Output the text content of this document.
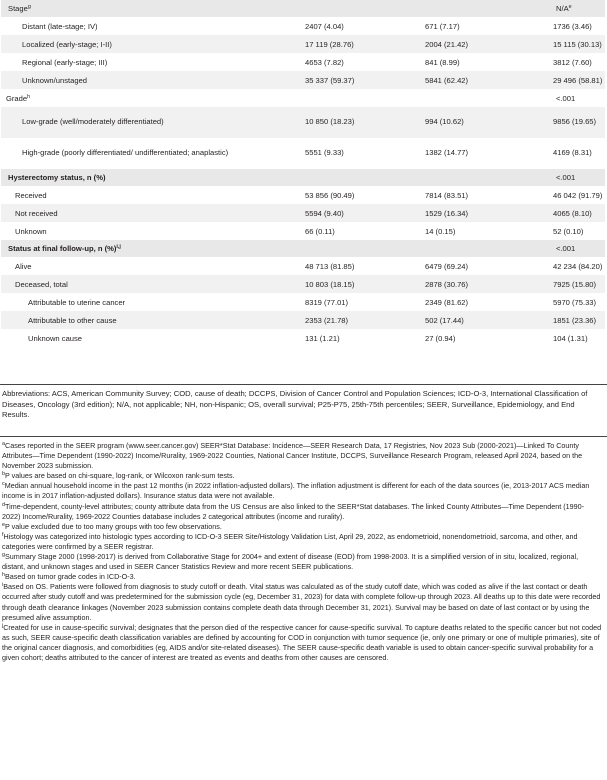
Stage$^g$			$N/A^e$
Distant (late-stage; IV)	2407 (4.04)	671 (7.17)	1736 (3.46)
Localized (early-stage; I-II)	17 119 (28.76)	2004 (21.42)	15 115 (30.13)
Regional (early-stage; III)	4653 (7.82)	841 (8.99)	3812 (7.60)
Unknown/unstaged	35 337 (59.37)	5841 (62.42)	29 496 (58.81)
Grade$^h$			<.001
Low-grade (well/moderately differentiated)	10 850 (18.23)	994 (10.62)	9856 (19.65)
High-grade (poorly differentiated/ undifferentiated; anaplastic)	5551 (9.33)	1382 (14.77)	4169 (8.31)
Hysterectomy status, n (%)			<.001
Received	53 856 (90.49)	7814 (83.51)	46 042 (91.79)
Not received	5594 (9.40)	1529 (16.34)	4065 (8.10)
Unknown	66 (0.11)	14 (0.15)	52 (0.10)
Status at final follow-up, n (%)$^{i,j}$			<.001
Alive	48 713 (81.85)	6479 (69.24)	42 234 (84.20)
Deceased, total	10 803 (18.15)	2878 (30.76)	7925 (15.80)
Attributable to uterine cancer	8319 (77.01)	2349 (81.62)	5970 (75.33)
Attributable to other cause	2353 (21.78)	502 (17.44)	1851 (23.36)
Unknown cause	131 (1.21)	27 (0.94)	104 (1.31)
Abbreviations: ACS, American Community Survey; COD, cause of death; DCCPS, Division of Cancer Control and Population Sciences; ICD-O-3, International Classification of Diseases, Oncology (3rd edition); N/A, not applicable; NH, non-Hispanic; OS, overall survival; P25-P75, 25th-75th percentiles; SEER, Surveillance, Epidemiology, and End Results.

$^a$Cases reported in the SEER program (www.seer.cancer.gov) SEER*Stat Database: Incidence—SEER Research Data, 17 Registries, Nov 2023 Sub (2000-2021)—Linked To County Attributes—Time Dependent (1990-2022) Income/Rurality, 1969-2022 Counties, National Cancer Institute, DCCPS, Surveillance Research Program, released April 2024, based on the November 2023 submission.

$^b$P values are based on chi-square, log-rank, or Wilcoxon rank-sum tests.

$^c$Median annual household income in the past 12 months (in 2022 inflation-adjusted dollars). The inflation adjustment is different for each of the data sources (ie, 2013-2017 ACS median income is in 2017 inflation-adjusted dollars). Insurance status data were not available.

$^d$Time-dependent, county-level attributes; county attribute data from the US Census are also linked to the SEER*Stat databases. The linked County Attributes—Time Dependent (1990-2022) Income/Rurality, 1969-2022 Counties database includes 2 categorical attributes (income and rurality).

$^e$P value excluded due to too many groups with too few observations.

$^f$Histology was categorized into histologic types according to ICD-O-3 SEER Site/Histology Validation List, April 29, 2022, as endometrioid, nonendometrioid, sarcoma, and other, and categories were confirmed by a SEER registrar.

$^g$Summary Stage 2000 (1998-2017) is derived from Collaborative Stage for 2004+ and extent of disease (EOD) from 1998-2003. It is a simplified version of in situ, localized, regional, distant, and unknown stages and used in SEER Cancer Statistics Review and more recent SEER publications.

$^h$Based on tumor grade codes in ICD-O-3.

$^i$Based on OS. Patients were followed from diagnosis to study cutoff or death. Vital status was calculated as of the study cutoff date, which was coded as alive if the last contact or death occurred after study cutoff and was predetermined for the submission cycle (eg, December 31, 2023) for data with complete follow-up through 2023. All deaths up to this date were recorded through death clearance linkages (November 2023 submission contains complete death data through December 31, 2021). Survival may be based on date of last contact or by using the presumed alive assumption.

$^j$Created for use in cause-specific survival; designates that the person died of the respective cancer for cause-specific survival. To capture deaths related to the specific cancer but not coded as such, SEER cause-specific death classification variables are defined by accounting for COD in conjunction with tumor sequence (ie, only one primary or one of multiple primaries), site of the original cancer diagnosis, and comorbidities (eg, AIDS and/or site-related diseases). The SEER cause-specific death variable is used to obtain cancer-specific survival probability for a given cohort; deaths attributed to the cancer of interest are treated as events and deaths from other causes are censored.
